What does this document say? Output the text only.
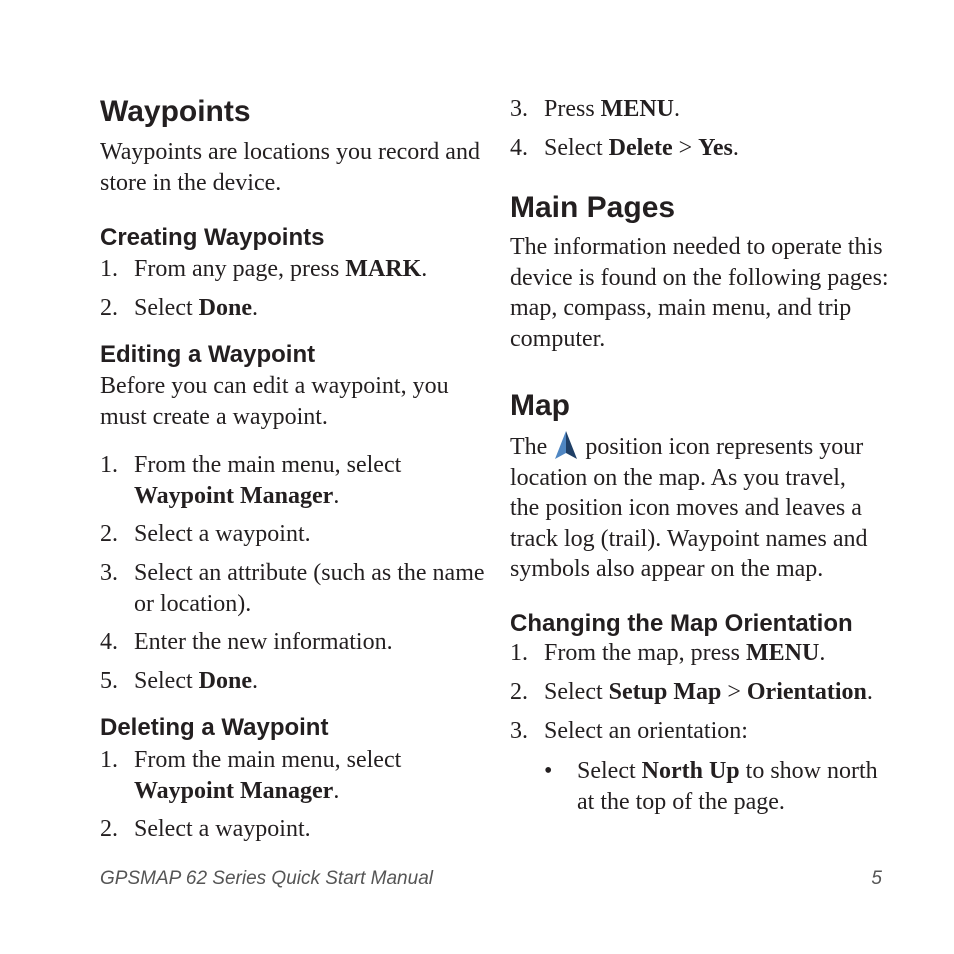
Waypoints

Waypoints are locations you record and store in the device.

Creating Waypoints
1. From any page, press MARK.
2. Select Done.
Editing a Waypoint

Before you can edit a waypoint, you must create a waypoint.

1. From the main menu, select Waypoint Manager.
2. Select a waypoint.
3. Select an attribute (such as the name or location).
4. Enter the new information.
5. Select Done.
Deleting a Waypoint
1. From the main menu, select Waypoint Manager.
2. Select a waypoint.
3. Press MENU.
4. Select Delete > Yes.
Main Pages

The information needed to operate this device is found on the following pages: map, compass, main menu, and trip computer.

Map

The position icon represents your location on the map. As you travel, the position icon moves and leaves a track log (trail). Waypoint names and symbols also appear on the map.

Changing the Map Orientation
1. From the map, press MENU.
2. Select Setup Map > Orientation.
3. Select an orientation:
• Select North Up to show north at the top of the page.
GPSMAP 62 Series Quick Start Manual	5
